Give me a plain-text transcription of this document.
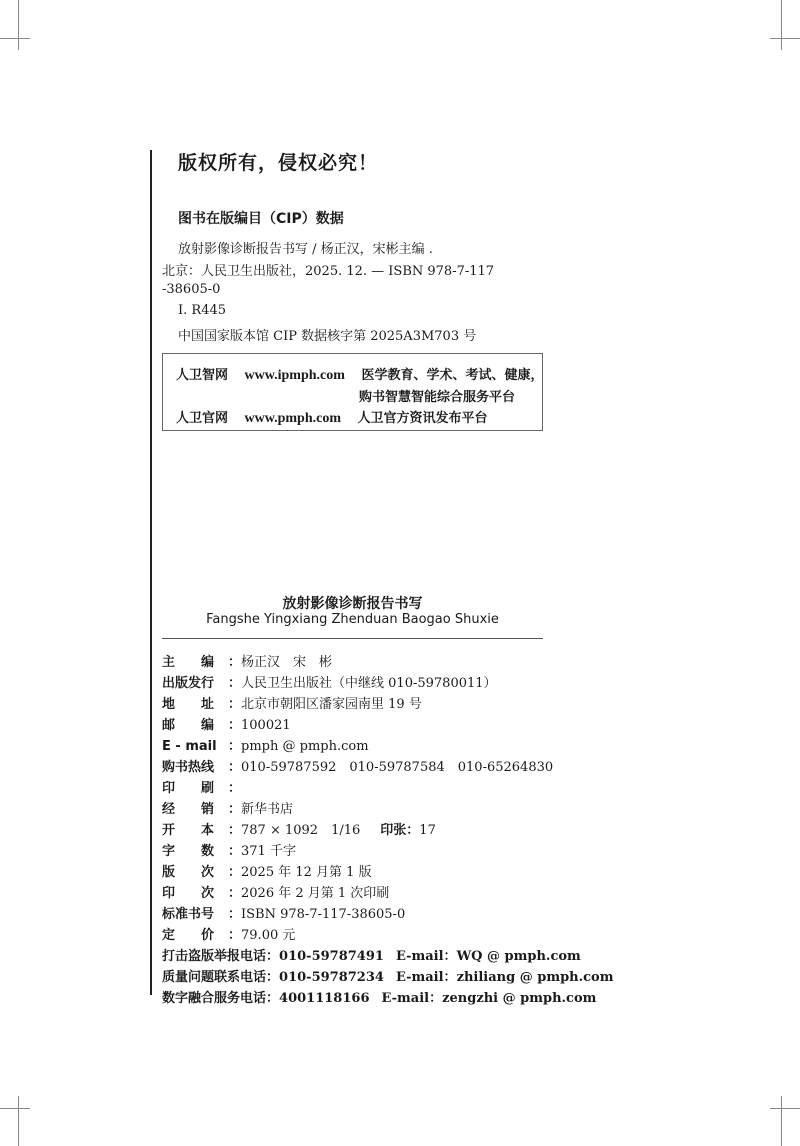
版权所有，侵权必究！
图书在版编目（CIP）数据
放射影像诊断报告书写 / 杨正汉，宋彬主编 .
北京：人民卫生出版社，2025. 12. — ISBN 978-7-117
-38605-0
Ⅰ. R445
中国国家版本馆 CIP 数据核字第 2025A3M703 号
人卫智网 www.ipmph.com 医学教育、学术、考试、健康，
购书智慧智能综合服务平台
人卫官网 www.pmph.com 人卫官方资讯发布平台
放射影像诊断报告书写
Fangshe Yingxiang Zhenduan Baogao Shuxie
主　　编 ：杨正汉　宋　彬
出版发行 ：人民卫生出版社（中继线 010-59780011）
地　　址 ：北京市朝阳区潘家园南里 19 号
邮　　编 ：100021
E - mail ：pmph @ pmph.com
购书热线 ：010-59787592　010-59787584　010-65264830
印　　刷 ：
经　　销 ：新华书店
开　　本 ：787 × 1092　1/16 印张：17
字　　数 ：371 千字
版　　次 ：2025 年 12 月第 1 版
印　　次 ：2026 年 2 月第 1 次印刷
标准书号 ：ISBN 978-7-117-38605-0
定　　价 ：79.00 元
打击盗版举报电话：010-59787491 E-mail：WQ @ pmph.com
质量问题联系电话：010-59787234 E-mail：zhiliang @ pmph.com
数字融合服务电话：4001118166 E-mail：zengzhi @ pmph.com
